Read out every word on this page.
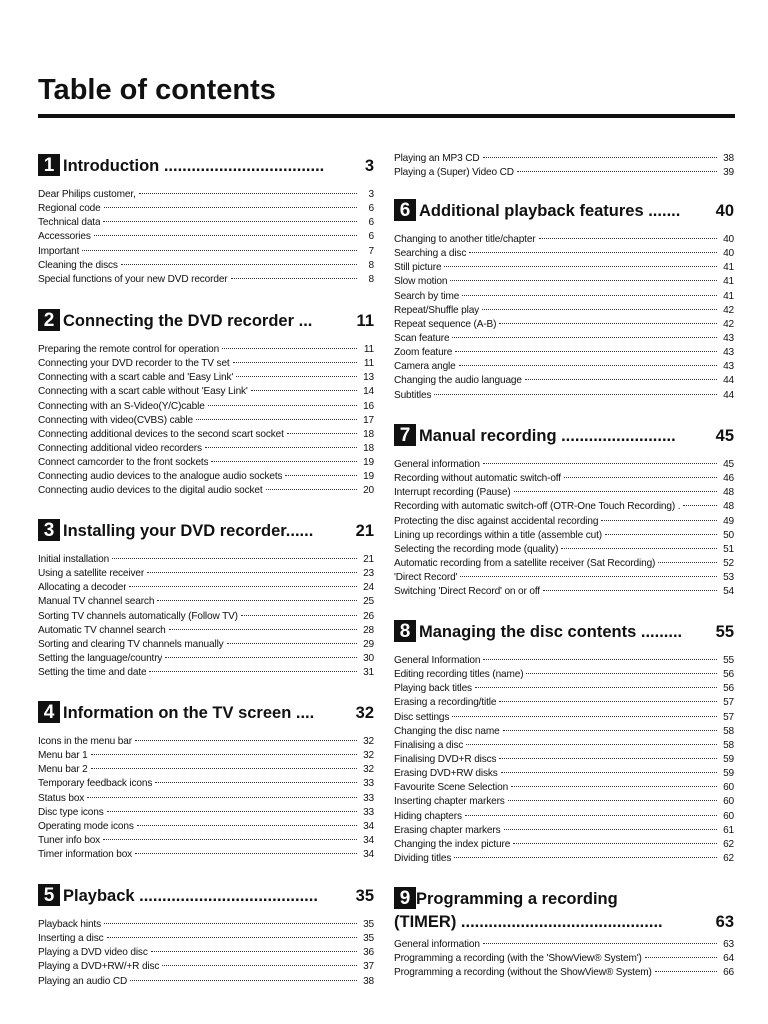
Table of contents
1 Introduction ...................................	3
Dear Philips customer,	3
Regional code	6
Technical data	6
Accessories	6
Important	7
Cleaning the discs	8
Special functions of your new DVD recorder	8
2 Connecting the DVD recorder ...	11
Preparing the remote control for operation	11
Connecting your DVD recorder to the TV set	11
Connecting with a scart cable and 'Easy Link'	13
Connecting with a scart cable without 'Easy Link'	14
Connecting with an S-Video(Y/C)cable	16
Connecting with video(CVBS) cable	17
Connecting additional devices to the second scart socket	18
Connecting additional video recorders	18
Connect camcorder to the front sockets	19
Connecting audio devices to the analogue audio sockets	19
Connecting audio devices to the digital audio socket	20
3 Installing your DVD recorder......	21
Initial installation	21
Using a satellite receiver	23
Allocating a decoder	24
Manual TV channel search	25
Sorting TV channels automatically (Follow TV)	26
Automatic TV channel search	28
Sorting and clearing TV channels manually	29
Setting the language/country	30
Setting the time and date	31
4 Information on the TV screen ....	32
Icons in the menu bar	32
Menu bar 1	32
Menu bar 2	32
Temporary feedback icons	33
Status box	33
Disc type icons	33
Operating mode icons	34
Tuner info box	34
Timer information box	34
5 Playback .......................................	35
Playback hints	35
Inserting a disc	35
Playing a DVD video disc	36
Playing a DVD+RW/+R disc	37
Playing an audio CD	38
Playing an MP3 CD	38
Playing a (Super) Video CD	39
6 Additional playback features .......	40
Changing to another title/chapter	40
Searching a disc	40
Still picture	41
Slow motion	41
Search by time	41
Repeat/Shuffle play	42
Repeat sequence (A-B)	42
Scan feature	43
Zoom feature	43
Camera angle	43
Changing the audio language	44
Subtitles	44
7 Manual recording .........................	45
General information	45
Recording without automatic switch-off	46
Interrupt recording (Pause)	48
Recording with automatic switch-off (OTR-One Touch Recording) .	48
Protecting the disc against accidental recording	49
Lining up recordings within a title (assemble cut)	50
Selecting the recording mode (quality)	51
Automatic recording from a satellite receiver (Sat Recording)	52
'Direct Record'	53
Switching 'Direct Record' on or off	54
8 Managing the disc contents .........	55
General Information	55
Editing recording titles (name)	56
Playing back titles	56
Erasing a recording/title	57
Disc settings	57
Changing the disc name	58
Finalising a disc	58
Finalising DVD+R discs	59
Erasing DVD+RW disks	59
Favourite Scene Selection	60
Inserting chapter markers	60
Hiding chapters	60
Erasing chapter markers	61
Changing the index picture	62
Dividing titles	62
9 Programming a recording
(TIMER) ............................................	63
General information	63
Programming a recording (with the 'ShowView® System')	64
Programming a recording (without the ShowView® System)	66
